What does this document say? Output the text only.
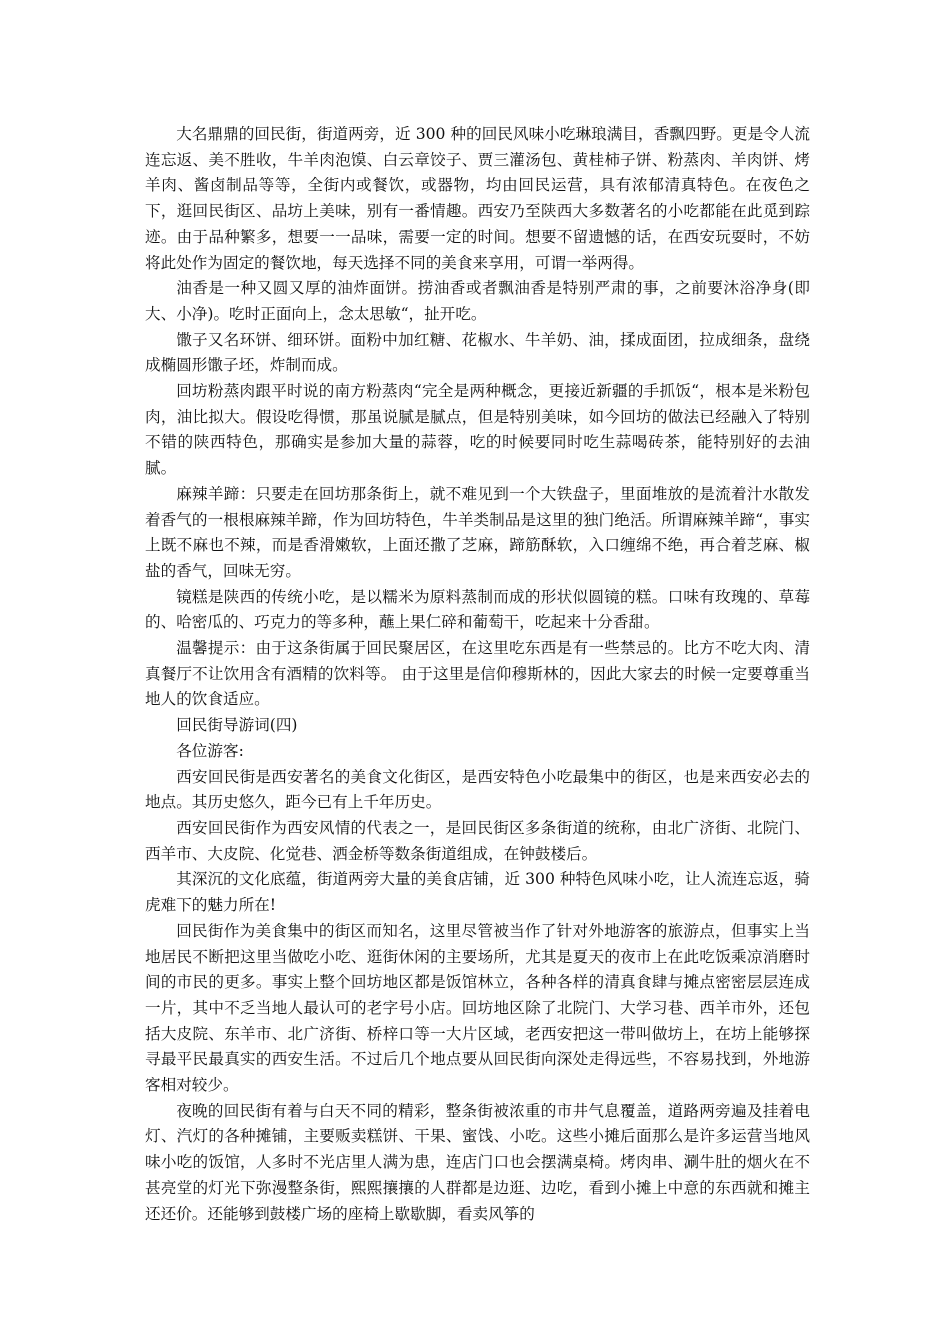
大名鼎鼎的回民街，街道两旁，近 300 种的回民风味小吃琳琅满目，香飘四野。更是令人流连忘返、美不胜收，牛羊肉泡馍、白云章饺子、贾三灌汤包、黄桂柿子饼、粉蒸肉、羊肉饼、烤羊肉、酱卤制品等等，全街内或餐饮，或器物，均由回民运营，具有浓郁清真特色。在夜色之下，逛回民街区、品坊上美味，别有一番情趣。西安乃至陕西大多数著名的小吃都能在此觅到踪迹。由于品种繁多，想要一一品味，需要一定的时间。想要不留遗憾的话，在西安玩耍时，不妨将此处作为固定的餐饮地，每天选择不同的美食来享用，可谓一举两得。

油香是一种又圆又厚的油炸面饼。捞油香或者飘油香是特别严肃的事，之前要沐浴净身(即大、小净)。吃时正面向上，念太思敏“，扯开吃。

馓子又名环饼、细环饼。面粉中加红糖、花椒水、牛羊奶、油，揉成面团，拉成细条，盘绕成椭圆形馓子坯，炸制而成。

回坊粉蒸肉跟平时说的南方粉蒸肉“完全是两种概念，更接近新疆的手抓饭“，根本是米粉包肉，油比拟大。假设吃得惯，那虽说腻是腻点，但是特别美味，如今回坊的做法已经融入了特别不错的陕西特色，那确实是参加大量的蒜蓉，吃的时候要同时吃生蒜喝砖茶，能特别好的去油腻。

麻辣羊蹄：只要走在回坊那条街上，就不难见到一个大铁盘子，里面堆放的是流着汁水散发着香气的一根根麻辣羊蹄，作为回坊特色，牛羊类制品是这里的独门绝活。所谓麻辣羊蹄“，事实上既不麻也不辣，而是香滑嫩软，上面还撒了芝麻，蹄筋酥软，入口缠绵不绝，再合着芝麻、椒盐的香气，回味无穷。

镜糕是陕西的传统小吃，是以糯米为原料蒸制而成的形状似圆镜的糕。口味有玫瑰的、草莓的、哈密瓜的、巧克力的等多种，蘸上果仁碎和葡萄干，吃起来十分香甜。

温馨提示：由于这条街属于回民聚居区，在这里吃东西是有一些禁忌的。比方不吃大肉、清真餐厅不让饮用含有酒精的饮料等。 由于这里是信仰穆斯林的，因此大家去的时候一定要尊重当地人的饮食适应。

回民街导游词(四)

各位游客:

西安回民街是西安著名的美食文化街区，是西安特色小吃最集中的街区，也是来西安必去的地点。其历史悠久，距今已有上千年历史。

西安回民街作为西安风情的代表之一，是回民街区多条街道的统称，由北广济街、北院门、西羊市、大皮院、化觉巷、洒金桥等数条街道组成，在钟鼓楼后。

其深沉的文化底蕴，街道两旁大量的美食店铺，近 300 种特色风味小吃，让人流连忘返，骑虎难下的魅力所在!

回民街作为美食集中的街区而知名，这里尽管被当作了针对外地游客的旅游点，但事实上当地居民不断把这里当做吃小吃、逛街休闲的主要场所，尤其是夏天的夜市上在此吃饭乘凉消磨时间的市民的更多。事实上整个回坊地区都是饭馆林立，各种各样的清真食肆与摊点密密层层连成一片，其中不乏当地人最认可的老字号小店。回坊地区除了北院门、大学习巷、西羊市外，还包括大皮院、东羊市、北广济街、桥梓口等一大片区域，老西安把这一带叫做坊上，在坊上能够探寻最平民最真实的西安生活。不过后几个地点要从回民街向深处走得远些，不容易找到，外地游客相对较少。

夜晚的回民街有着与白天不同的精彩，整条街被浓重的市井气息覆盖，道路两旁遍及挂着电灯、汽灯的各种摊铺，主要贩卖糕饼、干果、蜜饯、小吃。这些小摊后面那么是许多运营当地风味小吃的饭馆，人多时不光店里人满为患，连店门口也会摆满桌椅。烤肉串、涮牛肚的烟火在不甚亮堂的灯光下弥漫整条街，熙熙攘攘的人群都是边逛、边吃，看到小摊上中意的东西就和摊主还还价。还能够到鼓楼广场的座椅上歇歇脚，看卖风筝的
